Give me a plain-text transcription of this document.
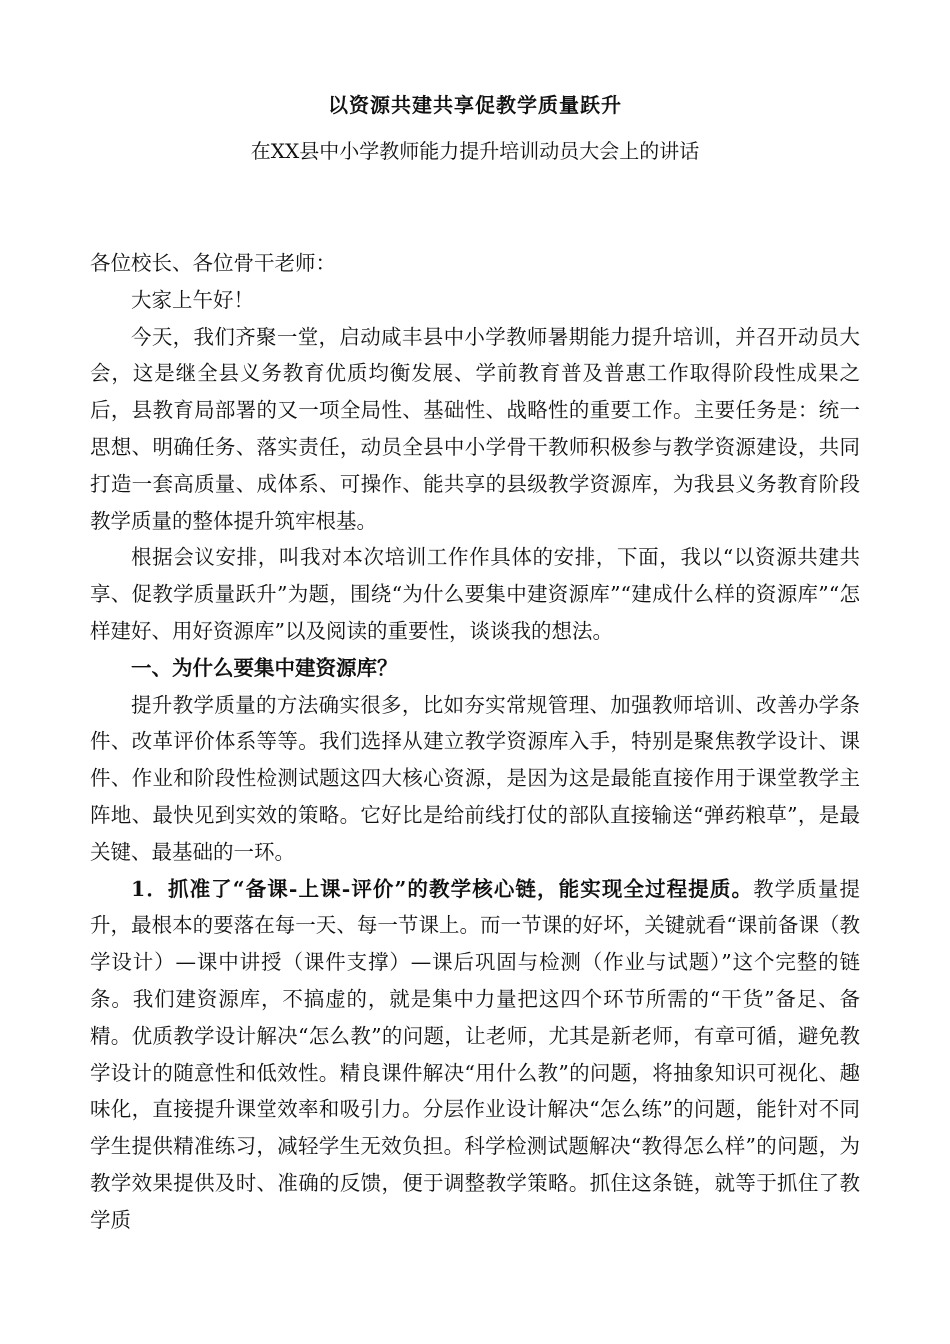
以资源共建共享促教学质量跃升
在XX县中小学教师能力提升培训动员大会上的讲话

各位校长、各位骨干老师：

大家上午好！

今天，我们齐聚一堂，启动咸丰县中小学教师暑期能力提升培训，并召开动员大会，这是继全县义务教育优质均衡发展、学前教育普及普惠工作取得阶段性成果之后，县教育局部署的又一项全局性、基础性、战略性的重要工作。主要任务是：统一思想、明确任务、落实责任，动员全县中小学骨干教师积极参与教学资源建设，共同打造一套高质量、成体系、可操作、能共享的县级教学资源库，为我县义务教育阶段教学质量的整体提升筑牢根基。

根据会议安排，叫我对本次培训工作作具体的安排，下面，我以“以资源共建共享、促教学质量跃升”为题，围绕“为什么要集中建资源库”“建成什么样的资源库”“怎样建好、用好资源库”以及阅读的重要性，谈谈我的想法。

一、为什么要集中建资源库？

提升教学质量的方法确实很多，比如夯实常规管理、加强教师培训、改善办学条件、改革评价体系等等。我们选择从建立教学资源库入手，特别是聚焦教学设计、课件、作业和阶段性检测试题这四大核心资源，是因为这是最能直接作用于课堂教学主阵地、最快见到实效的策略。它好比是给前线打仗的部队直接输送“弹药粮草”，是最关键、最基础的一环。

1．抓准了“备课-上课-评价”的教学核心链，能实现全过程提质。教学质量提升，最根本的要落在每一天、每一节课上。而一节课的好坏，关键就看“课前备课（教学设计）—课中讲授（课件支撑）—课后巩固与检测（作业与试题）”这个完整的链条。我们建资源库，不搞虚的，就是集中力量把这四个环节所需的“干货”备足、备精。优质教学设计解决“怎么教”的问题，让老师，尤其是新老师，有章可循，避免教学设计的随意性和低效性。精良课件解决“用什么教”的问题，将抽象知识可视化、趣味化，直接提升课堂效率和吸引力。分层作业设计解决“怎么练”的问题，能针对不同学生提供精准练习，减轻学生无效负担。科学检测试题解决“教得怎么样”的问题，为教学效果提供及时、准确的反馈，便于调整教学策略。抓住这条链，就等于抓住了教学质
